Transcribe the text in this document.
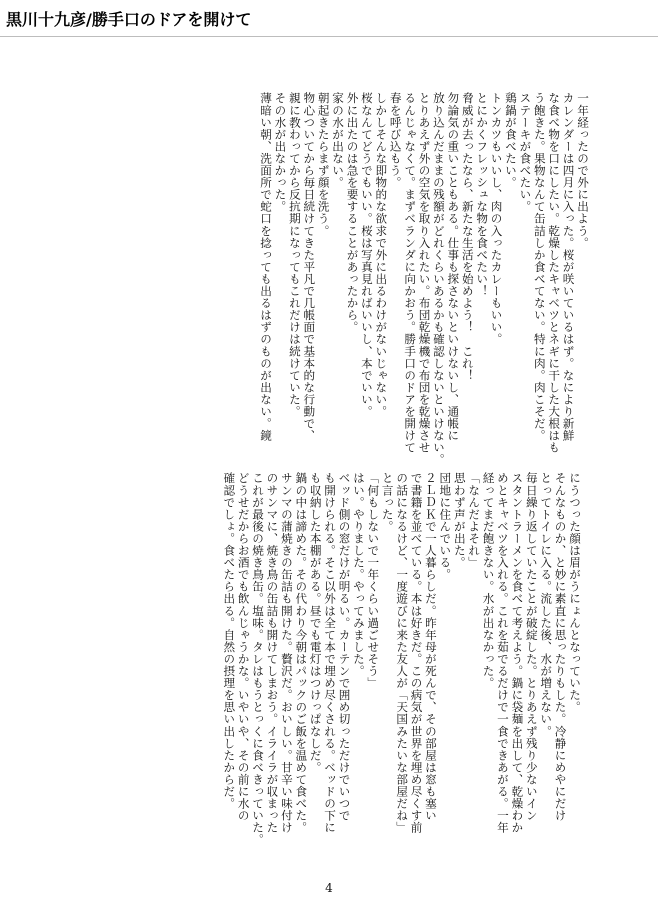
黒川十九彦/勝手口のドアを開けて

一年経ったので外に出よう。

カレンダーは四月に入った。桜が咲いているはず。なにより新鮮

な食べ物を口にしたい。乾燥したキャベツとネギに干した大根はも

う飽きた。果物なんて缶詰しか食べてない。特に肉。肉こそだ。

ステーキが食べたい。

鶏鍋が食べたい。

トンカツもいいし、肉の入ったカレーもいい。

とにかくフレッシュな物を食べたい！

脅威が去ったなら、新たな生活を始めよう！　これ！

勿論気の重いこともある。仕事も探さないといけないし、通帳に

放り込んだままの残額がどれくらいあるかも確認しないといけない。

とりあえず外の空気を取り入れたい。布団乾燥機で布団を乾燥させ

るんじゃなくて。まずベランダに向かおう。勝手口のドアを開けて

春を呼び込もう。

しかしそんな即物的な欲求で外に出るわけがないじゃない。

桜なんてどうでもいい。桜は写真見ればいいし、本でいい。

外に出たのは急を要することがあったから。

家の水が出ない。

朝起きたらまず顔を洗う。

物心ついてから毎日続けてきた平凡で几帳面で基本的な行動で、

親に教わってから反抗期になってもこれだけは続けていた。

その水が出なかった。

薄暗い朝、洗面所で蛇口を捻っても出るはずのものが出ない。鏡

にうつった顔は眉がうにょんとなっていた。

そんなものか、と妙に素直に思ったりもした。冷静にめやにだけ

とってトイレに入る。流した後、水が増えない。

毎日繰り返していたことが破綻した。とりあえず残り少ないイン

スタントラーメンを食べて考えよう。鍋に袋麺を出して、乾燥わか

めとキャベツを入れる。これを茹でるだけで一食できあがる。一年

経ってまだ飽きない。水が出なかった。

「なんだよそれ」

思わず声が出た。

団地に住んでいる。

２ＬＤＫで一人暮らしだ。昨年母が死んで、その部屋は窓も塞い

で書籍を並べている。本は好きだ。この病気が世界を埋め尽くす前

の話になるけど、一度遊びに来た友人が「天国みたいな部屋だね」

と言った。

「何もしないで一年くらい過ごせそう」

はい。やりました。やってみました。

ベッド側の窓だけが明るい。カーテンで囲め切っただけでいつで

も開けられる。そこ以外は全て本で埋め尽くされる。ベッドの下に

も収納した本棚がある。昼でも電灯はつけっぱなしだ。

鍋の中は諦めた。その代わり今朝はパックのご飯を温めて食べた。

サンマの蒲焼きの缶詰も開けた。贅沢だ。おいしい。甘辛い味付け

のサンマに、焼き鳥の缶詰も開けてしまおう。イライラが収まった

これが最後の焼き鳥缶。塩味。タレはもうとっくに食べきっていた。

どうせだからお酒でも飲んじゃうかな。いやいや、その前に水の

確認でしょ。食べたら出る。自然の摂理を思い出したからだ。

4
